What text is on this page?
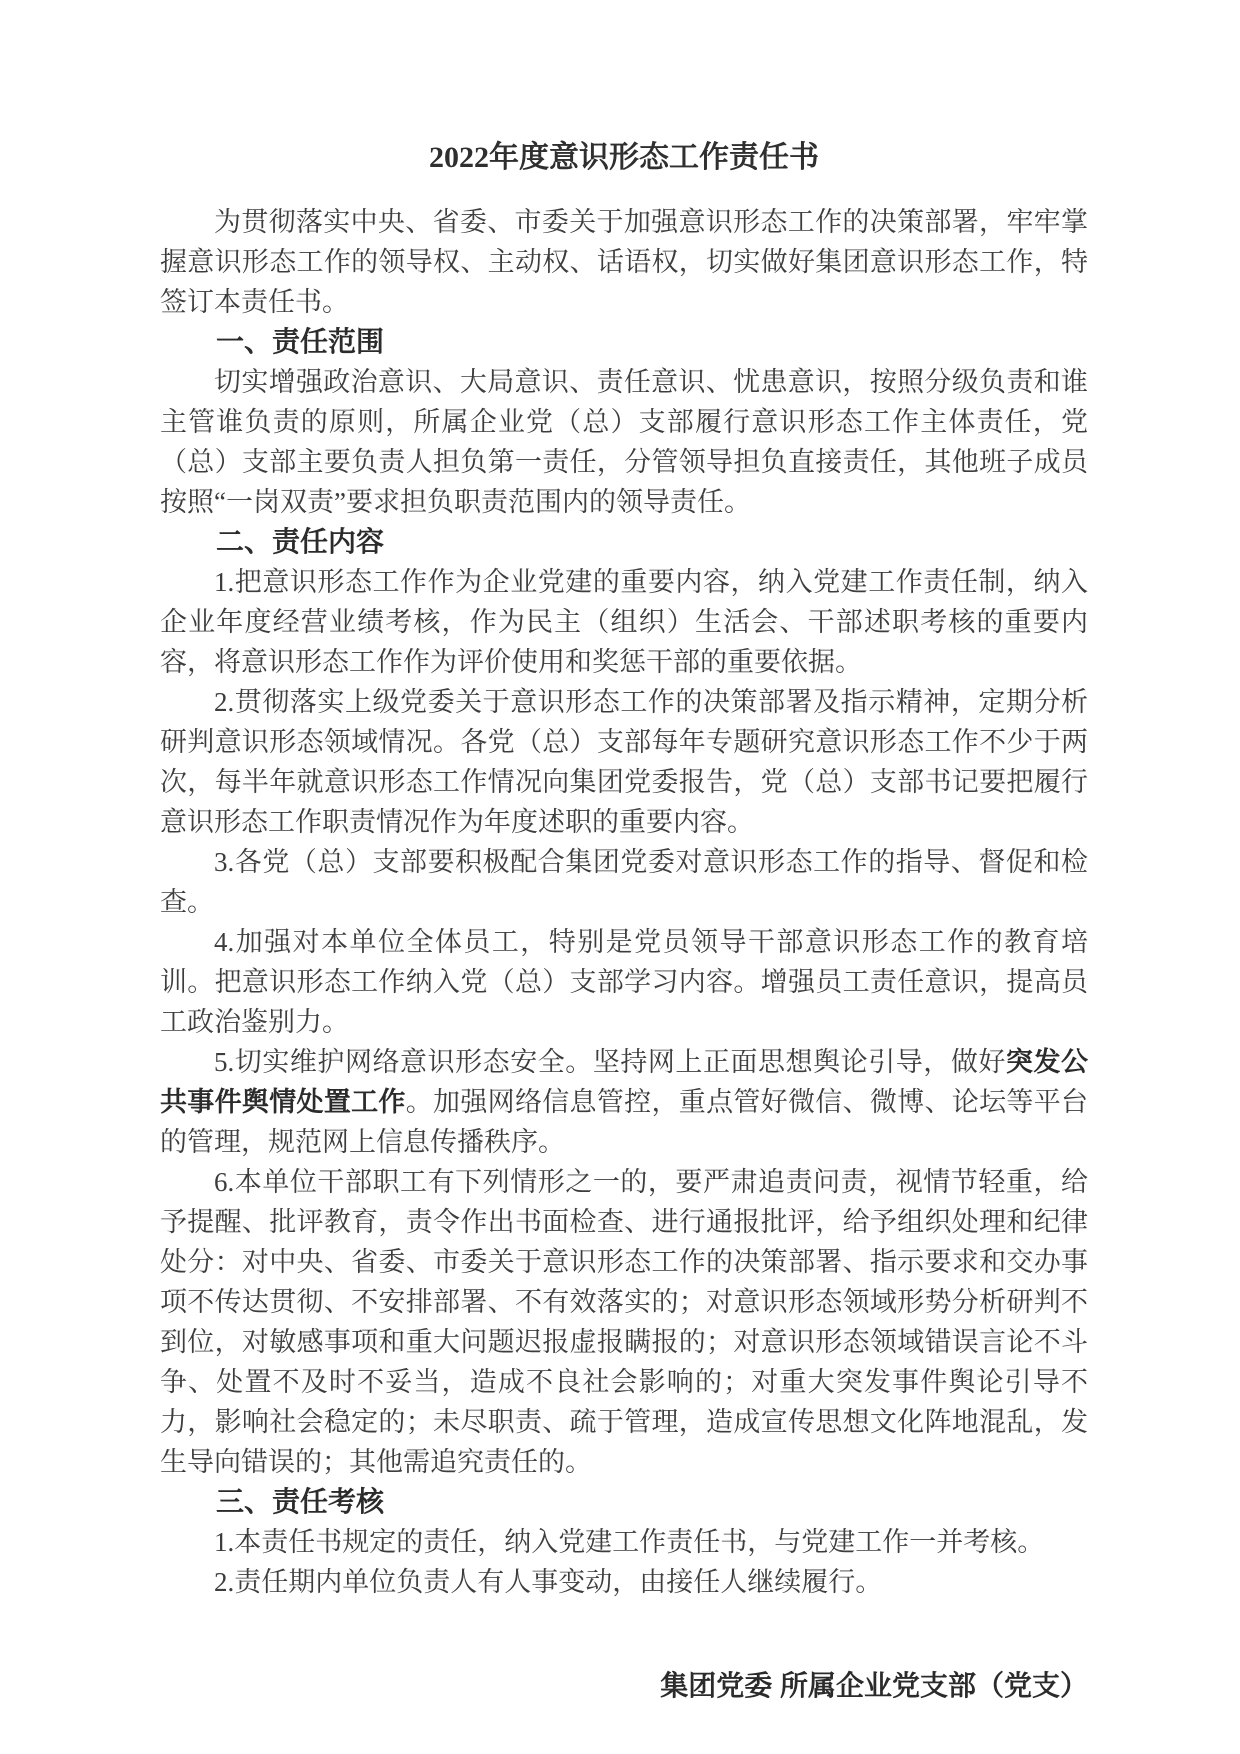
2022年度意识形态工作责任书

为贯彻落实中央、省委、市委关于加强意识形态工作的决策部署，牢牢掌握意识形态工作的领导权、主动权、话语权，切实做好集团意识形态工作，特签订本责任书。

一、责任范围

切实增强政治意识、大局意识、责任意识、忧患意识，按照分级负责和谁主管谁负责的原则，所属企业党（总）支部履行意识形态工作主体责任，党（总）支部主要负责人担负第一责任，分管领导担负直接责任，其他班子成员按照“一岗双责”要求担负职责范围内的领导责任。

二、责任内容

1.把意识形态工作作为企业党建的重要内容，纳入党建工作责任制，纳入企业年度经营业绩考核，作为民主（组织）生活会、干部述职考核的重要内容，将意识形态工作作为评价使用和奖惩干部的重要依据。

2.贯彻落实上级党委关于意识形态工作的决策部署及指示精神，定期分析研判意识形态领域情况。各党（总）支部每年专题研究意识形态工作不少于两次，每半年就意识形态工作情况向集团党委报告，党（总）支部书记要把履行意识形态工作职责情况作为年度述职的重要内容。

3.各党（总）支部要积极配合集团党委对意识形态工作的指导、督促和检查。

4.加强对本单位全体员工，特别是党员领导干部意识形态工作的教育培训。把意识形态工作纳入党（总）支部学习内容。增强员工责任意识，提高员工政治鉴别力。

5.切实维护网络意识形态安全。坚持网上正面思想舆论引导，做好突发公共事件舆情处置工作。加强网络信息管控，重点管好微信、微博、论坛等平台的管理，规范网上信息传播秩序。

6.本单位干部职工有下列情形之一的，要严肃追责问责，视情节轻重，给予提醒、批评教育，责令作出书面检查、进行通报批评，给予组织处理和纪律处分：对中央、省委、市委关于意识形态工作的决策部署、指示要求和交办事项不传达贯彻、不安排部署、不有效落实的；对意识形态领域形势分析研判不到位，对敏感事项和重大问题迟报虚报瞒报的；对意识形态领域错误言论不斗争、处置不及时不妥当，造成不良社会影响的；对重大突发事件舆论引导不力，影响社会稳定的；未尽职责、疏于管理，造成宣传思想文化阵地混乱，发生导向错误的；其他需追究责任的。

三、责任考核

1.本责任书规定的责任，纳入党建工作责任书，与党建工作一并考核。

2.责任期内单位负责人有人事变动，由接任人继续履行。

集团党委 所属企业党支部（党支）
